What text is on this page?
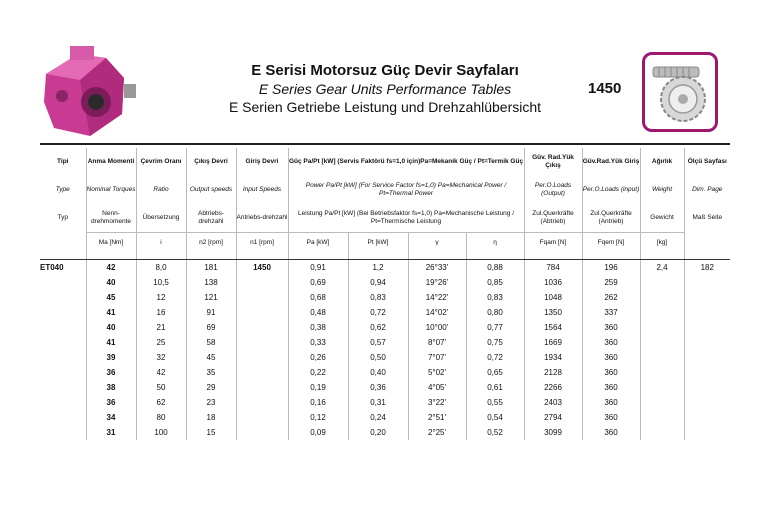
E Serisi Motorsuz Güç Devir Sayfaları
E Series Gear Units Performance Tables
E Serien Getriebe Leistung und Drehzahlübersicht
1450
Tipi	Anma Momenti	Çevrim Oranı	Çıkış Devri	Giriş Devri	Güç Pa/Pt [kW] (Servis Faktörü fs=1,0 için)Pa=Mekanik Güç / Pt=Termik Güç				Güv. Rad.Yük Çıkış	Güv.Rad.Yük Giriş	Ağırlık	Ölçü Sayfası
Type	Nominal Torques	Ratio	Output speeds	Input Speeds	Power Pa/Pt [kW] (For Service Factor fs=1,0) Pa=Mechanical Power / Pt=Thermal Power				Per.O.Loads (Output)	Per.O.Loads (input)	Weight	Dim. Page
Typ	Nenn-drehmomente	Übersetzung	Abtriebs-drehzahl	Antriebs-drehzahl	Leistung Pa/Pt [kW] (Bei Betriebsfaktor fs=1,0) Pa=Mechanische Leistung / Pt=Thermische Leistung				Zul.Querkräfte (Abtrieb)	Zul.Querkräfte (Antrieb)	Gewicht	Maß Seite
	Ma [Nm]	i	n2 [rpm]	n1 [rpm]	Pa [kW]	Pt [kW]	γ	η	Fqam [N]	Fqem [N]	[kg]	

ET040	42	8,0	181	1450	0,91	1,2	26°33'	0,88	784	196	2,4	182
	40	10,5	138		0,69	0,94	19°26'	0,85	1036	259		
	45	12	121		0,68	0,83	14°22'	0,83	1048	262		
	41	16	91		0,48	0,72	14°02'	0,80	1350	337		
	40	21	69		0,38	0,62	10°00'	0,77	1564	360		
	41	25	58		0,33	0,57	8°07'	0,75	1669	360		
	39	32	45		0,26	0,50	7°07'	0,72	1934	360		
	36	42	35		0,22	0,40	5°02'	0,65	2128	360		
	38	50	29		0,19	0,36	4°05'	0,61	2266	360		
	36	62	23		0,16	0,31	3°22'	0,55	2403	360		
	34	80	18		0,12	0,24	2°51'	0,54	2794	360		
	31	100	15		0,09	0,20	2°25'	0,52	3099	360		
